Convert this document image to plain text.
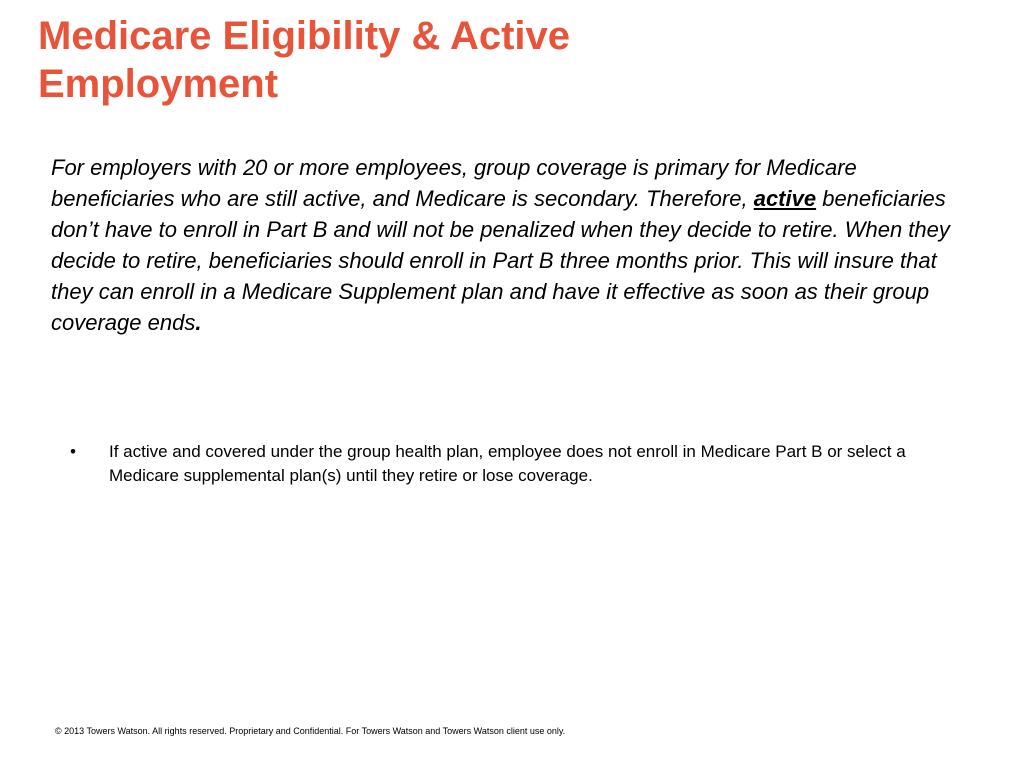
Medicare Eligibility & Active Employment

For employers with 20 or more employees, group coverage is primary for Medicare beneficiaries who are still active, and Medicare is secondary. Therefore, active beneficiaries don’t have to enroll in Part B and will not be penalized when they decide to retire. When they decide to retire, beneficiaries should enroll in Part B three months prior. This will insure that they can enroll in a Medicare Supplement plan and have it effective as soon as their group coverage ends.

• If active and covered under the group health plan, employee does not enroll in Medicare Part B or select a Medicare supplemental plan(s) until they retire or lose coverage.

© 2013 Towers Watson. All rights reserved. Proprietary and Confidential. For Towers Watson and Towers Watson client use only.
